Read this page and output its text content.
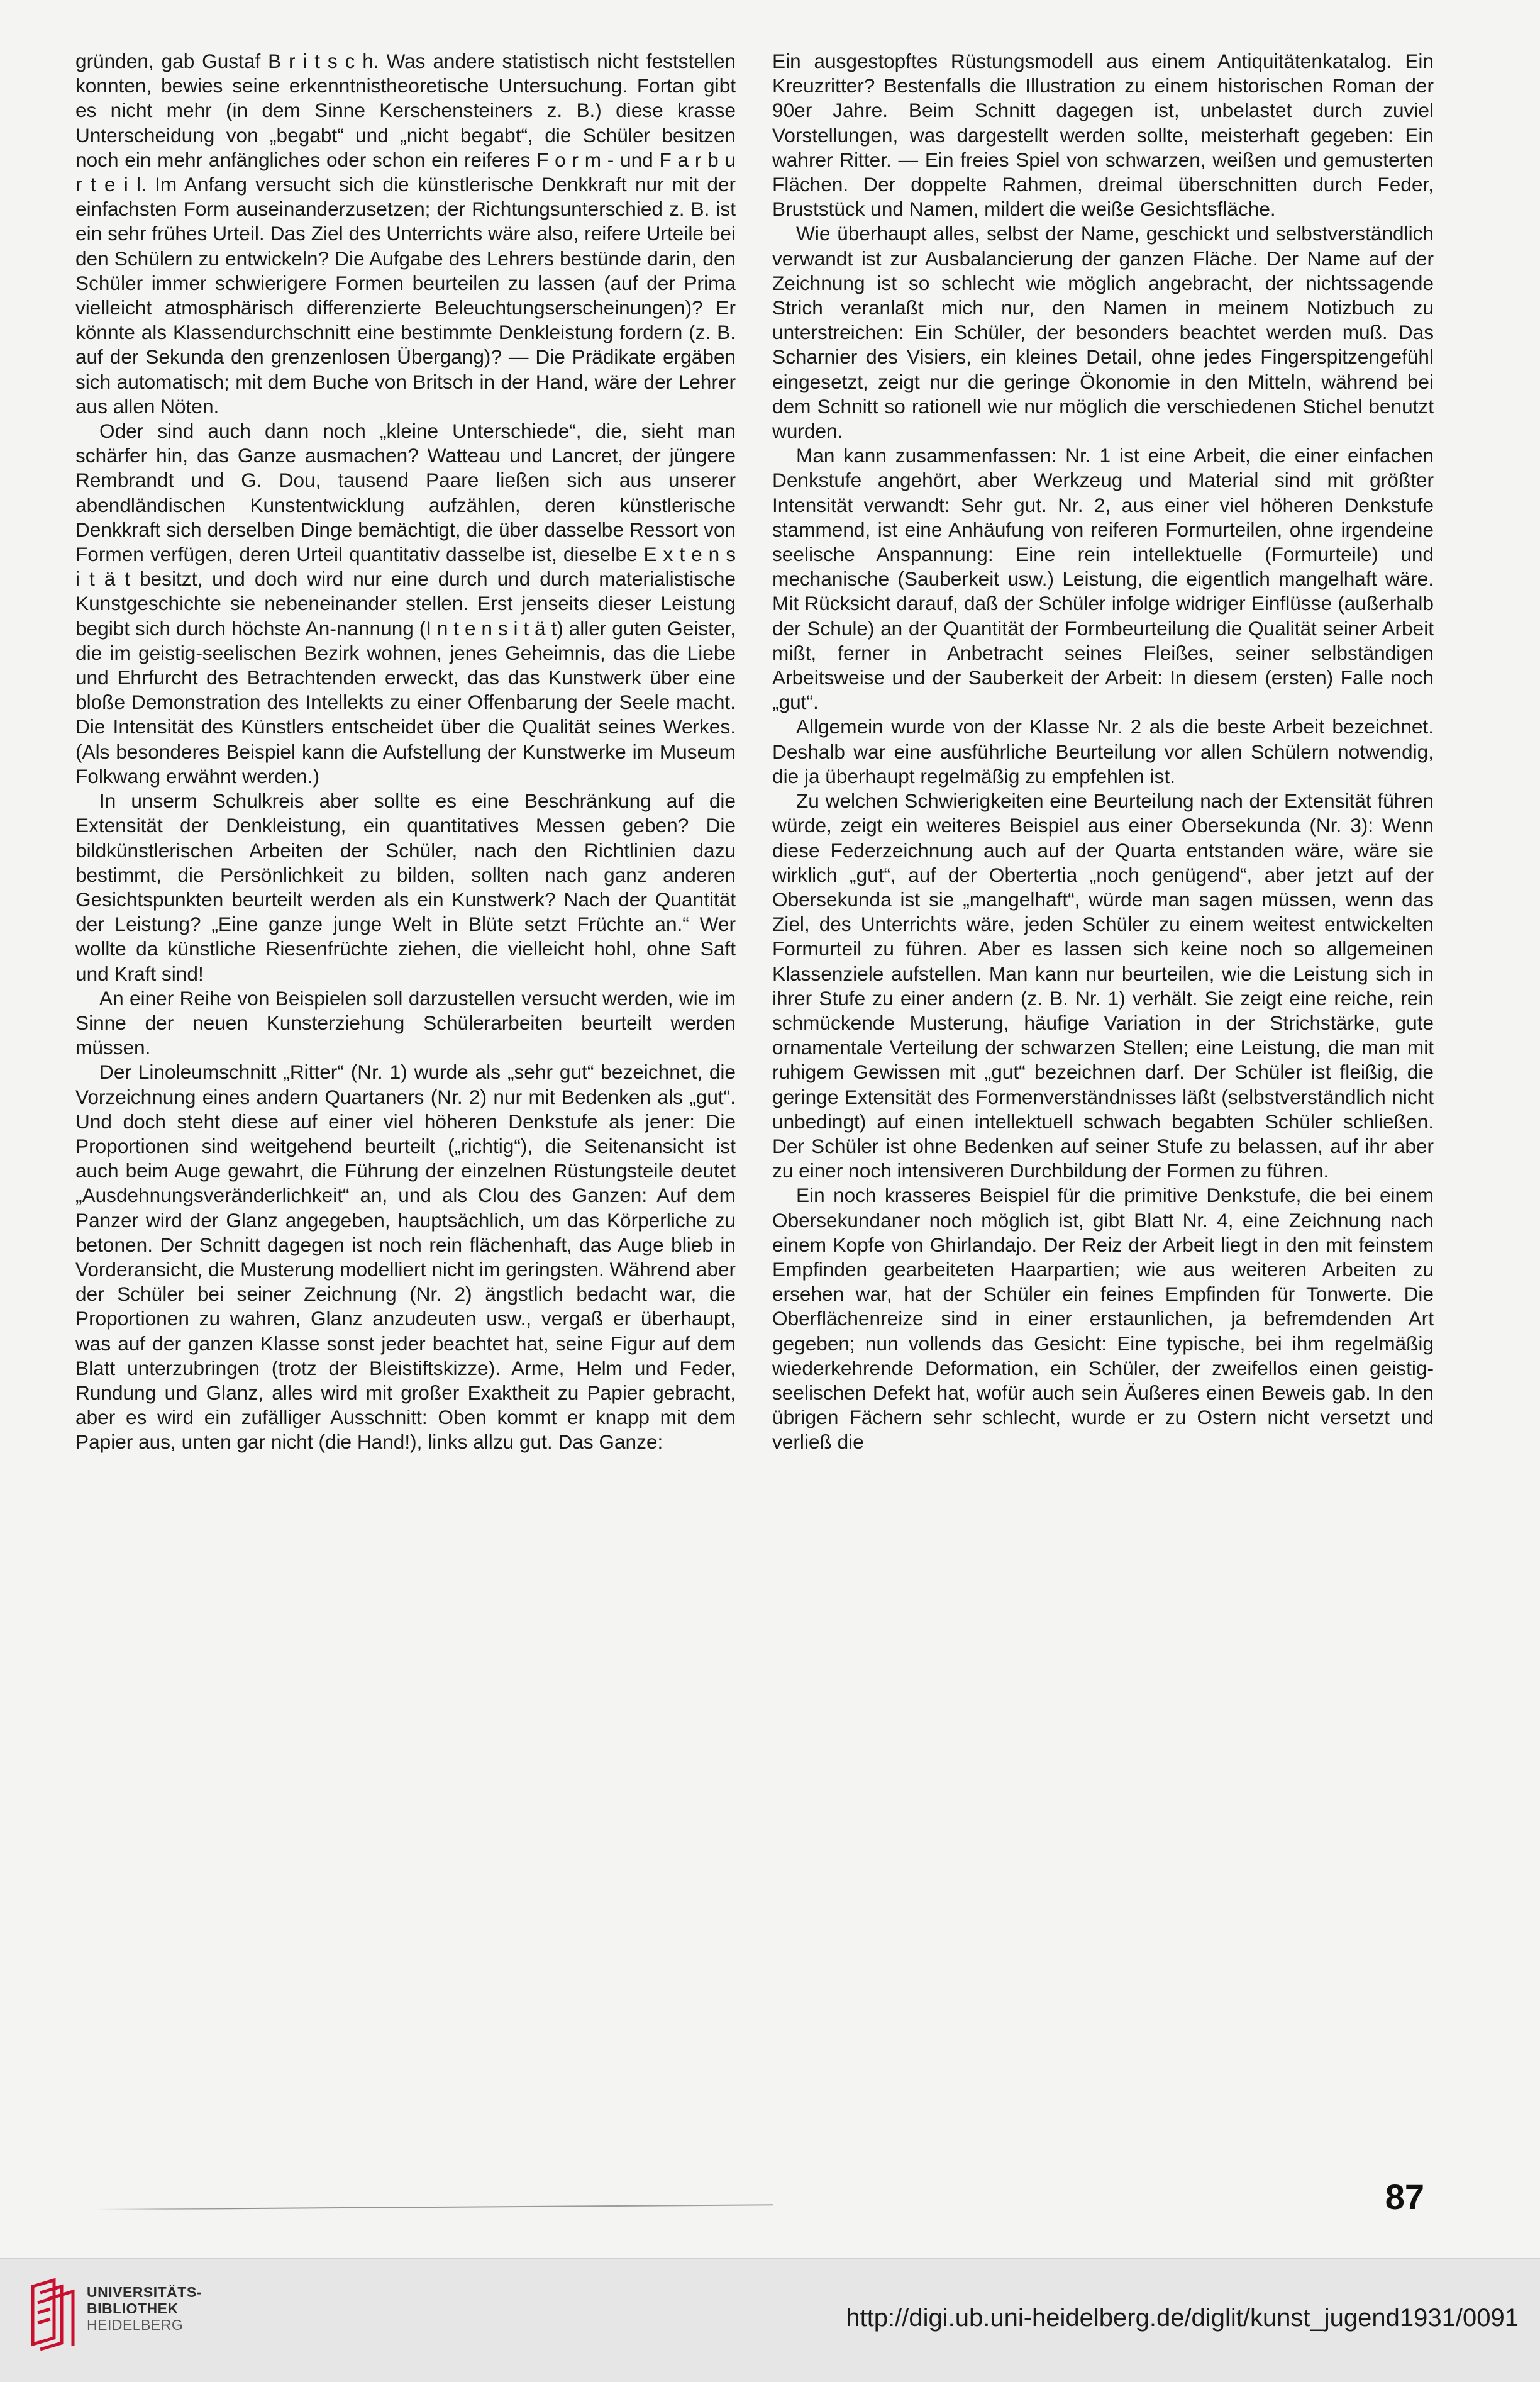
gründen, gab Gustaf B r i t s c h. Was andere statistisch nicht feststellen konnten, bewies seine erkenntnistheoretische Untersuchung. Fortan gibt es nicht mehr (in dem Sinne Kerschensteiners z. B.) diese krasse Unterscheidung von „begabt“ und „nicht begabt“, die Schüler besitzen noch ein mehr anfängliches oder schon ein reiferes F o r m - und F a r b u r t e i l. Im Anfang versucht sich die künstlerische Denkkraft nur mit der einfachsten Form auseinanderzusetzen; der Richtungsunterschied z. B. ist ein sehr frühes Urteil. Das Ziel des Unterrichts wäre also, reifere Urteile bei den Schülern zu entwickeln? Die Aufgabe des Lehrers bestünde darin, den Schüler immer schwierigere Formen beurteilen zu lassen (auf der Prima vielleicht atmosphärisch differenzierte Beleuchtungserscheinungen)? Er könnte als Klassendurchschnitt eine bestimmte Denkleistung fordern (z. B. auf der Sekunda den grenzenlosen Übergang)? — Die Prädikate ergäben sich automatisch; mit dem Buche von Britsch in der Hand, wäre der Lehrer aus allen Nöten.

Oder sind auch dann noch „kleine Unterschiede“, die, sieht man schärfer hin, das Ganze ausmachen? Watteau und Lancret, der jüngere Rembrandt und G. Dou, tausend Paare ließen sich aus unserer abendländischen Kunstentwicklung aufzählen, deren künstlerische Denkkraft sich derselben Dinge bemächtigt, die über dasselbe Ressort von Formen verfügen, deren Urteil quantitativ dasselbe ist, dieselbe E x t e n s i t ä t besitzt, und doch wird nur eine durch und durch materialistische Kunstgeschichte sie nebeneinander stellen. Erst jenseits dieser Leistung begibt sich durch höchste An-nannung (I n t e n s i t ä t) aller guten Geister, die im geistig-seelischen Bezirk wohnen, jenes Geheimnis, das die Liebe und Ehrfurcht des Betrachtenden erweckt, das das Kunstwerk über eine bloße Demonstration des Intellekts zu einer Offenbarung der Seele macht. Die Intensität des Künstlers entscheidet über die Qualität seines Werkes. (Als besonderes Beispiel kann die Aufstellung der Kunstwerke im Museum Folkwang erwähnt werden.)

In unserm Schulkreis aber sollte es eine Beschränkung auf die Extensität der Denkleistung, ein quantitatives Messen geben? Die bildkünstlerischen Arbeiten der Schüler, nach den Richtlinien dazu bestimmt, die Persönlichkeit zu bilden, sollten nach ganz anderen Gesichtspunkten beurteilt werden als ein Kunstwerk? Nach der Quantität der Leistung? „Eine ganze junge Welt in Blüte setzt Früchte an.“ Wer wollte da künstliche Riesenfrüchte ziehen, die vielleicht hohl, ohne Saft und Kraft sind!

An einer Reihe von Beispielen soll darzustellen versucht werden, wie im Sinne der neuen Kunsterziehung Schülerarbeiten beurteilt werden müssen.

Der Linoleumschnitt „Ritter“ (Nr. 1) wurde als „sehr gut“ bezeichnet, die Vorzeichnung eines andern Quartaners (Nr. 2) nur mit Bedenken als „gut“. Und doch steht diese auf einer viel höheren Denkstufe als jener: Die Proportionen sind weitgehend beurteilt („richtig“), die Seitenansicht ist auch beim Auge gewahrt, die Führung der einzelnen Rüstungsteile deutet „Ausdehnungsveränderlichkeit“ an, und als Clou des Ganzen: Auf dem Panzer wird der Glanz angegeben, hauptsächlich, um das Körperliche zu betonen. Der Schnitt dagegen ist noch rein flächenhaft, das Auge blieb in Vorderansicht, die Musterung modelliert nicht im geringsten. Während aber der Schüler bei seiner Zeichnung (Nr. 2) ängstlich bedacht war, die Proportionen zu wahren, Glanz anzudeuten usw., vergaß er überhaupt, was auf der ganzen Klasse sonst jeder beachtet hat, seine Figur auf dem Blatt unterzubringen (trotz der Bleistiftskizze). Arme, Helm und Feder, Rundung und Glanz, alles wird mit großer Exaktheit zu Papier gebracht, aber es wird ein zufälliger Ausschnitt: Oben kommt er knapp mit dem Papier aus, unten gar nicht (die Hand!), links allzu gut. Das Ganze:

Ein ausgestopftes Rüstungsmodell aus einem Antiquitätenkatalog. Ein Kreuzritter? Bestenfalls die Illustration zu einem historischen Roman der 90er Jahre. Beim Schnitt dagegen ist, unbelastet durch zuviel Vorstellungen, was dargestellt werden sollte, meisterhaft gegeben: Ein wahrer Ritter. — Ein freies Spiel von schwarzen, weißen und gemusterten Flächen. Der doppelte Rahmen, dreimal überschnitten durch Feder, Bruststück und Namen, mildert die weiße Gesichtsfläche.

Wie überhaupt alles, selbst der Name, geschickt und selbstverständlich verwandt ist zur Ausbalancierung der ganzen Fläche. Der Name auf der Zeichnung ist so schlecht wie möglich angebracht, der nichtssagende Strich veranlaßt mich nur, den Namen in meinem Notizbuch zu unterstreichen: Ein Schüler, der besonders beachtet werden muß. Das Scharnier des Visiers, ein kleines Detail, ohne jedes Fingerspitzengefühl eingesetzt, zeigt nur die geringe Ökonomie in den Mitteln, während bei dem Schnitt so rationell wie nur möglich die verschiedenen Stichel benutzt wurden.

Man kann zusammenfassen: Nr. 1 ist eine Arbeit, die einer einfachen Denkstufe angehört, aber Werkzeug und Material sind mit größter Intensität verwandt: Sehr gut. Nr. 2, aus einer viel höheren Denkstufe stammend, ist eine Anhäufung von reiferen Formurteilen, ohne irgendeine seelische Anspannung: Eine rein intellektuelle (Formurteile) und mechanische (Sauberkeit usw.) Leistung, die eigentlich mangelhaft wäre. Mit Rücksicht darauf, daß der Schüler infolge widriger Einflüsse (außerhalb der Schule) an der Quantität der Formbeurteilung die Qualität seiner Arbeit mißt, ferner in Anbetracht seines Fleißes, seiner selbständigen Arbeitsweise und der Sauberkeit der Arbeit: In diesem (ersten) Falle noch „gut“.

Allgemein wurde von der Klasse Nr. 2 als die beste Arbeit bezeichnet. Deshalb war eine ausführliche Beurteilung vor allen Schülern notwendig, die ja überhaupt regelmäßig zu empfehlen ist.

Zu welchen Schwierigkeiten eine Beurteilung nach der Extensität führen würde, zeigt ein weiteres Beispiel aus einer Obersekunda (Nr. 3): Wenn diese Federzeichnung auch auf der Quarta entstanden wäre, wäre sie wirklich „gut“, auf der Obertertia „noch genügend“, aber jetzt auf der Obersekunda ist sie „mangelhaft“, würde man sagen müssen, wenn das Ziel, des Unterrichts wäre, jeden Schüler zu einem weitest entwickelten Formurteil zu führen. Aber es lassen sich keine noch so allgemeinen Klassenziele aufstellen. Man kann nur beurteilen, wie die Leistung sich in ihrer Stufe zu einer andern (z. B. Nr. 1) verhält. Sie zeigt eine reiche, rein schmückende Musterung, häufige Variation in der Strichstärke, gute ornamentale Verteilung der schwarzen Stellen; eine Leistung, die man mit ruhigem Gewissen mit „gut“ bezeichnen darf. Der Schüler ist fleißig, die geringe Extensität des Formenverständnisses läßt (selbstverständlich nicht unbedingt) auf einen intellektuell schwach begabten Schüler schließen. Der Schüler ist ohne Bedenken auf seiner Stufe zu belassen, auf ihr aber zu einer noch intensiveren Durchbildung der Formen zu führen.

Ein noch krasseres Beispiel für die primitive Denkstufe, die bei einem Obersekundaner noch möglich ist, gibt Blatt Nr. 4, eine Zeichnung nach einem Kopfe von Ghirlandajo. Der Reiz der Arbeit liegt in den mit feinstem Empfinden gearbeiteten Haarpartien; wie aus weiteren Arbeiten zu ersehen war, hat der Schüler ein feines Empfinden für Tonwerte. Die Oberflächenreize sind in einer erstaunlichen, ja befremdenden Art gegeben; nun vollends das Gesicht: Eine typische, bei ihm regelmäßig wiederkehrende Deformation, ein Schüler, der zweifellos einen geistig-seelischen Defekt hat, wofür auch sein Äußeres einen Beweis gab. In den übrigen Fächern sehr schlecht, wurde er zu Ostern nicht versetzt und verließ die

87
UNIVERSITÄTS-
BIBLIOTHEK
HEIDELBERG	http://digi.ub.uni-heidelberg.de/diglit/kunst_jugend1931/0091
